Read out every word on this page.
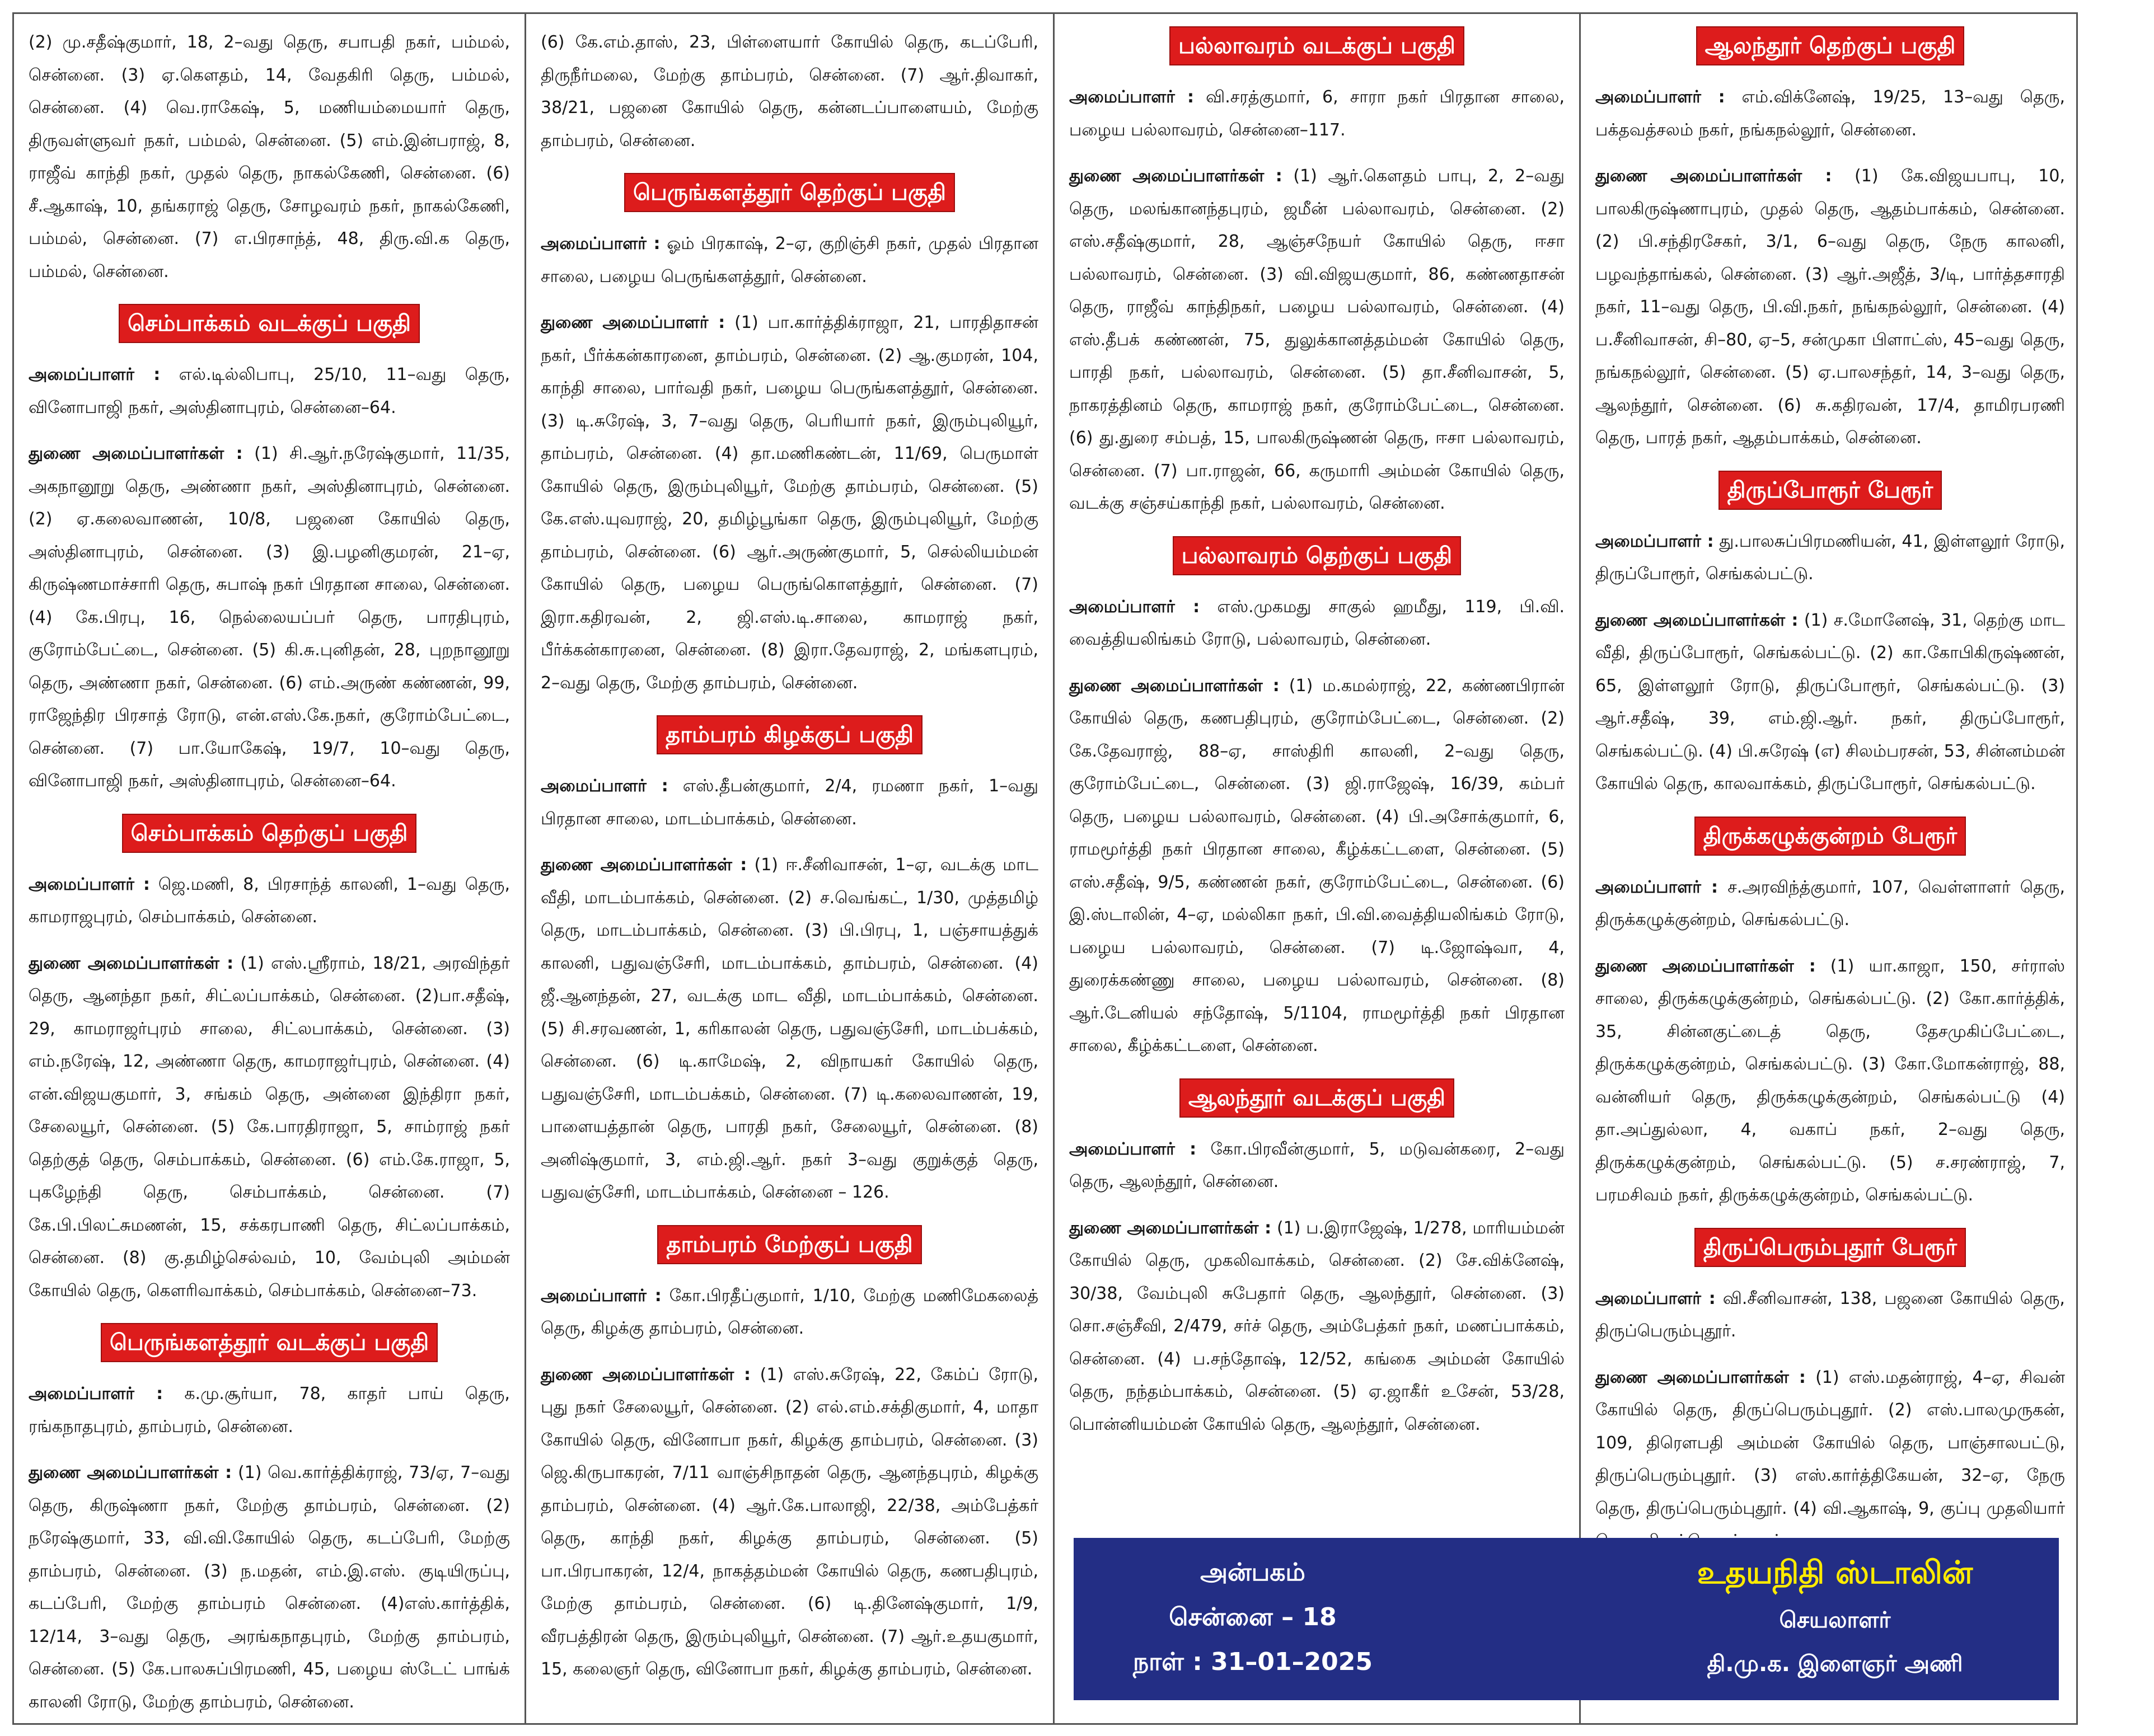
(2) மு.சதீஷ்குமார், 18, 2–வது தெரு, சபாபதி நகர், பம்மல், சென்னை. (3) ஏ.கௌதம், 14, வேதகிரி தெரு, பம்மல், சென்னை. (4) வெ.ராகேஷ், 5, மணியம்மையார் தெரு, திருவள்ளுவர் நகர், பம்மல், சென்னை. (5) எம்.இன்பராஜ், 8, ராஜீவ் காந்தி நகர், முதல் தெரு, நாகல்கேணி, சென்னை. (6) சீ.ஆகாஷ், 10, தங்கராஜ் தெரு, சோழவரம் நகர், நாகல்கேணி, பம்மல், சென்னை. (7) எ.பிரசாந்த், 48, திரு.வி.க தெரு, பம்மல், சென்னை.

செம்பாக்கம் வடக்குப் பகுதி

அமைப்பாளர் : எல்.டில்லிபாபு, 25/10, 11–வது தெரு, வினோபாஜி நகர், அஸ்தினாபுரம், சென்னை–64.

துணை அமைப்பாளர்கள் : (1) சி.ஆர்.நரேஷ்குமார், 11/35, அகநானூறு தெரு, அண்ணா நகர், அஸ்தினாபுரம், சென்னை. (2) ஏ.கலைவாணன், 10/8, பஜனை கோயில் தெரு, அஸ்தினாபுரம், சென்னை. (3) இ.பழனிகுமரன், 21–ஏ, கிருஷ்ணமாச்சாரி தெரு, சுபாஷ் நகர் பிரதான சாலை, சென்னை. (4) கே.பிரபு, 16, நெல்லையப்பர் தெரு, பாரதிபுரம், குரோம்பேட்டை, சென்னை. (5) கி.சு.புனிதன், 28, புறநானூறு தெரு, அண்ணா நகர், சென்னை. (6) எம்.அருண் கண்ணன், 99, ராஜேந்திர பிரசாத் ரோடு, என்.எஸ்.கே.நகர், குரோம்பேட்டை, சென்னை. (7) பா.யோகேஷ், 19/7, 10–வது தெரு, வினோபாஜி நகர், அஸ்தினாபுரம், சென்னை–64.

செம்பாக்கம் தெற்குப் பகுதி

அமைப்பாளர் : ஜெ.மணி, 8, பிரசாந்த் காலனி, 1–வது தெரு, காமராஜபுரம், செம்பாக்கம், சென்னை.

துணை அமைப்பாளர்கள் : (1) எஸ்.ஸ்ரீராம், 18/21, அரவிந்தர் தெரு, ஆனந்தா நகர், சிட்லப்பாக்கம், சென்னை. (2)பா.சதீஷ், 29, காமராஜர்புரம் சாலை, சிட்லபாக்கம், சென்னை. (3) எம்.நரேஷ், 12, அண்ணா தெரு, காமராஜர்புரம், சென்னை. (4) என்.விஜயகுமார், 3, சங்கம் தெரு, அன்னை இந்திரா நகர், சேலையூர், சென்னை. (5) கே.பாரதிராஜா, 5, சாம்ராஜ் நகர் தெற்குத் தெரு, செம்பாக்கம், சென்னை. (6) எம்.கே.ராஜா, 5, புகழேந்தி தெரு, செம்பாக்கம், சென்னை. (7) கே.பி.பிலட்சுமணன், 15, சக்கரபாணி தெரு, சிட்லப்பாக்கம், சென்னை. (8) கு.தமிழ்செல்வம், 10, வேம்புலி அம்மன் கோயில் தெரு, கௌரிவாக்கம், செம்பாக்கம், சென்னை–73.

பெருங்களத்தூர் வடக்குப் பகுதி

அமைப்பாளர் : க.மு.சூர்யா, 78, காதர் பாய் தெரு, ரங்கநாதபுரம், தாம்பரம், சென்னை.

துணை அமைப்பாளர்கள் : (1) வெ.கார்த்திக்ராஜ், 73/ஏ, 7–வது தெரு, கிருஷ்ணா நகர், மேற்கு தாம்பரம், சென்னை. (2) நரேஷ்குமார், 33, வி.வி.கோயில் தெரு, கடப்பேரி, மேற்கு தாம்பரம், சென்னை. (3) ந.மதன், எம்.இ.எஸ். குடியிருப்பு, கடப்பேரி, மேற்கு தாம்பரம் சென்னை. (4)எஸ்.கார்த்திக், 12/14, 3–வது தெரு, அரங்கநாதபுரம், மேற்கு தாம்பரம், சென்னை. (5) கே.பாலசுப்பிரமணி, 45, பழைய ஸ்டேட் பாங்க் காலனி ரோடு, மேற்கு தாம்பரம், சென்னை.

(6) கே.எம்.தாஸ், 23, பிள்ளையார் கோயில் தெரு, கடப்பேரி, திருநீர்மலை, மேற்கு தாம்பரம், சென்னை. (7) ஆர்.திவாகர், 38/21, பஜனை கோயில் தெரு, கன்னடப்பாளையம், மேற்கு தாம்பரம், சென்னை.

பெருங்களத்தூர் தெற்குப் பகுதி

அமைப்பாளர் : ஓம் பிரகாஷ், 2–ஏ, குறிஞ்சி நகர், முதல் பிரதான சாலை, பழைய பெருங்களத்தூர், சென்னை.

துணை அமைப்பாளர் : (1) பா.கார்த்திக்ராஜா, 21, பாரதிதாசன் நகர், பீர்க்கன்காரனை, தாம்பரம், சென்னை. (2) ஆ.குமரன், 104, காந்தி சாலை, பார்வதி நகர், பழைய பெருங்களத்தூர், சென்னை. (3) டி.சுரேஷ், 3, 7–வது தெரு, பெரியார் நகர், இரும்புலியூர், தாம்பரம், சென்னை. (4) தா.மணிகண்டன், 11/69, பெருமாள் கோயில் தெரு, இரும்புலியூர், மேற்கு தாம்பரம், சென்னை. (5) கே.எஸ்.யுவராஜ், 20, தமிழ்பூங்கா தெரு, இரும்புலியூர், மேற்கு தாம்பரம், சென்னை. (6) ஆர்.அருண்குமார், 5, செல்லியம்மன் கோயில் தெரு, பழைய பெருங்கொளத்தூர், சென்னை. (7) இரா.கதிரவன், 2, ஜி.எஸ்.டி.சாலை, காமராஜ் நகர், பீர்க்கன்காரனை, சென்னை. (8) இரா.தேவராஜ், 2, மங்களபுரம், 2–வது தெரு, மேற்கு தாம்பரம், சென்னை.

தாம்பரம் கிழக்குப் பகுதி

அமைப்பாளர் : எஸ்.தீபன்குமார், 2/4, ரமணா நகர், 1–வது பிரதான சாலை, மாடம்பாக்கம், சென்னை.

துணை அமைப்பாளர்கள் : (1) ஈ.சீனிவாசன், 1–ஏ, வடக்கு மாட வீதி, மாடம்பாக்கம், சென்னை. (2) ச.வெங்கட், 1/30, முத்தமிழ் தெரு, மாடம்பாக்கம், சென்னை. (3) பி.பிரபு, 1, பஞ்சாயத்துக் காலனி, பதுவஞ்சேரி, மாடம்பாக்கம், தாம்பரம், சென்னை. (4) ஜீ.ஆனந்தன், 27, வடக்கு மாட வீதி, மாடம்பாக்கம், சென்னை. (5) சி.சரவணன், 1, கரிகாலன் தெரு, பதுவஞ்சேரி, மாடம்பக்கம், சென்னை. (6) டி.காமேஷ், 2, விநாயகர் கோயில் தெரு, பதுவஞ்சேரி, மாடம்பக்கம், சென்னை. (7) டி.கலைவாணன், 19, பாளையத்தான் தெரு, பாரதி நகர், சேலையூர், சென்னை. (8) அனிஷ்குமார், 3, எம்.ஜி.ஆர். நகர் 3–வது குறுக்குத் தெரு, பதுவஞ்சேரி, மாடம்பாக்கம், சென்னை – 126.

தாம்பரம் மேற்குப் பகுதி

அமைப்பாளர் : கோ.பிரதீப்குமார், 1/10, மேற்கு மணிமேகலைத் தெரு, கிழக்கு தாம்பரம், சென்னை.

துணை அமைப்பாளர்கள் : (1) எஸ்.சுரேஷ், 22, கேம்ப் ரோடு, புது நகர் சேலையூர், சென்னை. (2) எல்.எம்.சக்திகுமார், 4, மாதா கோயில் தெரு, வினோபா நகர், கிழக்கு தாம்பரம், சென்னை. (3) ஜெ.கிருபாகரன், 7/11 வாஞ்சிநாதன் தெரு, ஆனந்தபுரம், கிழக்கு தாம்பரம், சென்னை. (4) ஆர்.கே.பாலாஜி, 22/38, அம்பேத்கர் தெரு, காந்தி நகர், கிழக்கு தாம்பரம், சென்னை. (5) பா.பிரபாகரன், 12/4, நாகத்தம்மன் கோயில் தெரு, கணபதிபுரம், மேற்கு தாம்பரம், சென்னை. (6) டி.தினேஷ்குமார், 1/9, வீரபத்திரன் தெரு, இரும்புலியூர், சென்னை. (7) ஆர்.உதயகுமார், 15, கலைஞர் தெரு, வினோபா நகர், கிழக்கு தாம்பரம், சென்னை.

பல்லாவரம் வடக்குப் பகுதி

அமைப்பாளர் : வி.சரத்குமார், 6, சாரா நகர் பிரதான சாலை, பழைய பல்லாவரம், சென்னை–117.

துணை அமைப்பாளர்கள் : (1) ஆர்.கௌதம் பாபு, 2, 2–வது தெரு, மலங்கானந்தபுரம், ஜமீன் பல்லாவரம், சென்னை. (2) எஸ்.சதீஷ்குமார், 28, ஆஞ்சநேயர் கோயில் தெரு, ஈசா பல்லாவரம், சென்னை. (3) வி.விஜயகுமார், 86, கண்ணதாசன் தெரு, ராஜீவ் காந்திநகர், பழைய பல்லாவரம், சென்னை. (4) எஸ்.தீபக் கண்ணன், 75, துலுக்கானத்தம்மன் கோயில் தெரு, பாரதி நகர், பல்லாவரம், சென்னை. (5) தா.சீனிவாசன், 5, நாகரத்தினம் தெரு, காமராஜ் நகர், குரோம்பேட்டை, சென்னை. (6) து.துரை சம்பத், 15, பாலகிருஷ்ணன் தெரு, ஈசா பல்லாவரம், சென்னை. (7) பா.ராஜன், 66, கருமாரி அம்மன் கோயில் தெரு, வடக்கு சஞ்சய்காந்தி நகர், பல்லாவரம், சென்னை.

பல்லாவரம் தெற்குப் பகுதி

அமைப்பாளர் : எஸ்.முகமது சாகுல் ஹமீது, 119, பி.வி. வைத்தியலிங்கம் ரோடு, பல்லாவரம், சென்னை.

துணை அமைப்பாளர்கள் : (1) ம.கமல்ராஜ், 22, கண்ணபிரான் கோயில் தெரு, கணபதிபுரம், குரோம்பேட்டை, சென்னை. (2) கே.தேவராஜ், 88–ஏ, சாஸ்திரி காலனி, 2–வது தெரு, குரோம்பேட்டை, சென்னை. (3) ஜி.ராஜேஷ், 16/39, கம்பர் தெரு, பழைய பல்லாவரம், சென்னை. (4) பி.அசோக்குமார், 6, ராமமூர்த்தி நகர் பிரதான சாலை, கீழ்க்கட்டளை, சென்னை. (5) எஸ்.சதீஷ், 9/5, கண்ணன் நகர், குரோம்பேட்டை, சென்னை. (6) இ.ஸ்டாலின், 4–ஏ, மல்லிகா நகர், பி.வி.வைத்தியலிங்கம் ரோடு, பழைய பல்லாவரம், சென்னை. (7) டி.ஜோஷ்வா, 4, துரைக்கண்ணு சாலை, பழைய பல்லாவரம், சென்னை. (8) ஆர்.டேனியல் சந்தோஷ், 5/1104, ராமமூர்த்தி நகர் பிரதான சாலை, கீழ்க்கட்டளை, சென்னை.

ஆலந்தூர் வடக்குப் பகுதி

அமைப்பாளர் : கோ.பிரவீன்குமார், 5, மடுவன்கரை, 2–வது தெரு, ஆலந்தூர், சென்னை.

துணை அமைப்பாளர்கள் : (1) ப.இராஜேஷ், 1/278, மாரியம்மன் கோயில் தெரு, முகலிவாக்கம், சென்னை. (2) சே.விக்னேஷ், 30/38, வேம்புலி சுபேதார் தெரு, ஆலந்தூர், சென்னை. (3) சொ.சஞ்சீவி, 2/479, சர்ச் தெரு, அம்பேத்கர் நகர், மணப்பாக்கம், சென்னை. (4) ப.சந்தோஷ், 12/52, கங்கை அம்மன் கோயில் தெரு, நந்தம்பாக்கம், சென்னை. (5) ஏ.ஜாகீர் உசேன், 53/28, பொன்னியம்மன் கோயில் தெரு, ஆலந்தூர், சென்னை.

ஆலந்தூர் தெற்குப் பகுதி

அமைப்பாளர் : எம்.விக்னேஷ், 19/25, 13–வது தெரு, பக்தவத்சலம் நகர், நங்கநல்லூர், சென்னை.

துணை அமைப்பாளர்கள் : (1) கே.விஜயபாபு, 10, பாலகிருஷ்ணாபுரம், முதல் தெரு, ஆதம்பாக்கம், சென்னை. (2) பி.சந்திரசேகர், 3/1, 6–வது தெரு, நேரு காலனி, பழவந்தாங்கல், சென்னை. (3) ஆர்.அஜீத், 3/டி, பார்த்தசாரதி நகர், 11–வது தெரு, பி.வி.நகர், நங்கநல்லூர், சென்னை. (4) ப.சீனிவாசன், சி–80, ஏ–5, சன்முகா பிளாட்ஸ், 45–வது தெரு, நங்கநல்லூர், சென்னை. (5) ஏ.பாலசந்தர், 14, 3–வது தெரு, ஆலந்தூர், சென்னை. (6) சு.கதிரவன், 17/4, தாமிரபரணி தெரு, பாரத் நகர், ஆதம்பாக்கம், சென்னை.

திருப்போரூர் பேரூர்

அமைப்பாளர் : து.பாலசுப்பிரமணியன், 41, இள்ளலூர் ரோடு, திருப்போரூர், செங்கல்பட்டு.

துணை அமைப்பாளர்கள் : (1) ச.மோனேஷ், 31, தெற்கு மாட வீதி, திருப்போரூர், செங்கல்பட்டு. (2) கா.கோபிகிருஷ்ணன், 65, இள்ளலூர் ரோடு, திருப்போரூர், செங்கல்பட்டு. (3) ஆர்.சதீஷ், 39, எம்.ஜி.ஆர். நகர், திருப்போரூர், செங்கல்பட்டு. (4) பி.சுரேஷ் (எ) சிலம்பரசன், 53, சின்னம்மன் கோயில் தெரு, காலவாக்கம், திருப்போரூர், செங்கல்பட்டு.

திருக்கழுக்குன்றம் பேரூர்

அமைப்பாளர் : ச.அரவிந்த்குமார், 107, வெள்ளாளர் தெரு, திருக்கழுக்குன்றம், செங்கல்பட்டு.

துணை அமைப்பாளர்கள் : (1) யா.காஜா, 150, சர்ராஸ் சாலை, திருக்கழுக்குன்றம், செங்கல்பட்டு. (2) கோ.கார்த்திக், 35, சின்னகுட்டைத் தெரு, தேசமுகிப்பேட்டை, திருக்கழுக்குன்றம், செங்கல்பட்டு. (3) கோ.மோகன்ராஜ், 88, வன்னியர் தெரு, திருக்கழுக்குன்றம், செங்கல்பட்டு (4) தா.அப்துல்லா, 4, வகாப் நகர், 2–வது தெரு, திருக்கழுக்குன்றம், செங்கல்பட்டு. (5) ச.சரண்ராஜ், 7, பரமசிவம் நகர், திருக்கழுக்குன்றம், செங்கல்பட்டு.

திருப்பெரும்புதூர் பேரூர்

அமைப்பாளர் : வி.சீனிவாசன், 138, பஜனை கோயில் தெரு, திருப்பெரும்புதூர்.

துணை அமைப்பாளர்கள் : (1) எஸ்.மதன்ராஜ், 4–ஏ, சிவன் கோயில் தெரு, திருப்பெரும்புதூர். (2) எஸ்.பாலமுருகன், 109, திரௌபதி அம்மன் கோயில் தெரு, பாஞ்சாலபட்டு, திருப்பெரும்புதூர். (3) எஸ்.கார்த்திகேயன், 32–ஏ, நேரு தெரு, திருப்பெரும்புதூர். (4) வி.ஆகாஷ், 9, குப்பு முதலியார்

அன்பகம்
சென்னை – 18
நாள் : 31–01–2025
உதயநிதி ஸ்டாலின்
செயலாளர்
தி.மு.க. இளைஞர் அணி
